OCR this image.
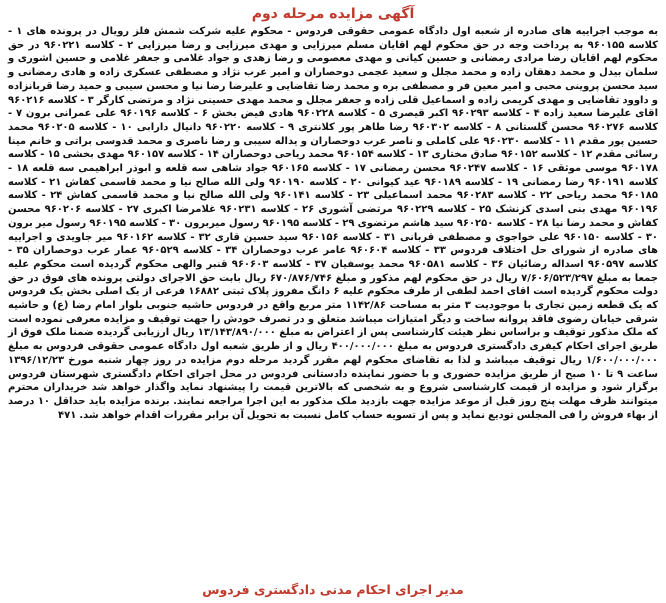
آگهی مزایده مرحله دوم

به موجب اجراییه های صادره از شعبه اول دادگاه عمومی حقوقی فردوس - محکوم علیه شرکت شمش فلز رویال در پرونده های ۱ - کلاسه ۹۶۰۱۵۵ به پرداخت وجه در حق محکوم لهم اقایان مسلم میرزایی و مهدی میرزایی و رضا میرزایی ۲ - کلاسه ۹۶۰۲۲۱ در حق محکوم لهم اقایان رضا مرادی رمضانی و حسین کیانی و مهدی معصومی و رضا زهدی و جواد غلامی و جعفر غلامی و حسین اشوری و سلمان بیدل و محمد دهقان زاده و محمد مجلل و سعید عجمی دوحصاران و امیر عرب نژاد و مصطفی عسکری زاده و هادی رمضانی و سید محسن پروینی محبی و امیر معین فر و مصطفی بره و محمد رضا تقاضایی و علیرضا رضا نیا و محسن سیبی و حمید رضا قربانزاده و داوود تقاضایی و مهدی کریمی زاده و اسماعیل قلی زاده و جعفر مجلل و محمد مهدی حسینی نژاد و مرتضی کارگر ۳ - کلاسه ۹۶۰۲۱۶ اقای علیرضا سعید زاده ۴ - کلاسه ۹۶۰۲۹۳ اکبر قیصری ۵ - کلاسه ۹۶۰۲۲۸ هادی فیض بخش ۶ - کلاسه ۹۶۰۱۹۶ علی عمرانی برون ۷ - کلاسه ۹۶۰۲۷۶ محسن گلستانی ۸ - کلاسه ۹۶۰۳۰۲ رضا طاهر پور کلانتری ۹ - کلاسه ۹۶۰۲۲۰ دانیال دارابی ۱۰ - کلاسه ۹۶۰۲۰۵ محمد حسین پور مقدم ۱۱ - کلاسه ۹۶۰۲۳۰ علی کاملی و ناصر عرب دوحصاران و یداله سیبی و رضا ناصری و محمد قدوسی براتی و خانم مینا رسائی مقدم ۱۲ - کلاسه ۹۶۰۱۵۲ صادق مختاری ۱۳ - کلاسه ۹۶۰۱۵۴ محمد ریاحی دوحصاران ۱۴ - کلاسه ۹۶۰۱۵۷ مهدی بخشی ۱۵ - کلاسه ۹۶۰۱۷۸ موسی موثقی ۱۶ - کلاسه ۹۶۰۲۴۷ محسن رمضانی ۱۷ - کلاسه ۹۶۰۱۶۵ جواد شاهی سه قلعه و ابوذر ابراهیمی سه قلعه ۱۸ - کلاسه ۹۶۰۱۹۱ رضا رمضانی ۱۹ - کلاسه ۹۶۰۱۸۹ عید کیوانی ۲۰ - کلاسه ۹۶۰۱۹۰ ولی الله صالح نیا و محمد قاسمی کفاش ۲۱ - کلاسه ۹۶۰۱۸۵ محمد ریاحی ۲۲ - کلاسه ۹۶۰۲۸۳ محمد اسماعیلی ۲۳ - کلاسه ۹۶۰۱۴۱ ولی الله صالح نیا و محمد قاسمی کفاش ۲۴ - کلاسه ۹۶۰۱۹۶ مهدی بنی اسدی کزنشک ۲۵ - کلاسه ۹۶۰۲۲۹ مرتضی آشوری ۲۶ - کلاسه ۹۶۰۲۳۱ غلامرضا اکبری ۲۷ - کلاسه ۹۶۰۲۰۶ محسن کفاش و محمد رضا نیا ۲۸ - کلاسه ۹۶۰۲۵۰ سید هاشم مرتضوی ۲۹ - کلاسه ۹۶۰۱۹۵ رسول میربرون ۳۰ - کلاسه ۹۶۰۱۹۵ رسول میر برون ۳۰ - کلاسه ۹۶۰۱۵۰ علی خواجوی و مصطفی قربانی ۳۱ - کلاسه ۹۶۰۱۵۶ سید حسین قاری ۳۲ - کلاسه ۹۶۰۱۶۲ میر جاویدی و اجراییه های صادره از شورای حل اختلاف فردوس ۳۳ - کلاسه ۹۶۰۶۰۴ عامر عرب دوحصاران ۳۴ - کلاسه ۹۶۰۵۲۹ عمار عرب دوحصاران ۳۵ - کلاسه ۹۶۰۵۹۷ اسداله رضائیان ۳۶ - کلاسه ۹۶۰۵۸۱ محمد یوسفیان ۳۷ - کلاسه ۹۶۰۶۰۳ قنبر والهی محکوم گردیده است محکوم علیه جمعا به مبلغ ۷/۶۰۶/۵۲۳/۲۹۷ ریال در حق محکوم لهم مذکور و مبلغ ۶۷۰/۸۷۶/۷۴۶ ریال بابت حق الاجرای دولتی پرونده های فوق در حق دولت محکوم گردیده است اقای احمد لطفی از طرف محکوم علیه ۶ دانگ مفروز پلاک ثبتی ۱۶۸۸۲ فرعی از یک اصلی بخش یک فردوس که یک قطعه زمین تجاری با موجودیت ۳ متر به مساحت ۱۱۴۲/۸۶ متر مربع واقع در فردوس حاشیه جنوبی بلوار امام رضا (ع) و حاشیه شرقی خیابان رضوی فاقد پروانه ساخت و دیگر امتیازات میباشد متعلق و در تصرف خودش را جهت توقیف و مزایده معرفی نموده است که ملک مذکور توقیف و براساس نظر هیئت کارشناسی پس از اعتراض به مبلغ ۱۳/۱۴۳/۸۹۰/۰۰۰ ریال ارزیابی گردیده ضمنا ملک فوق از طریق اجرای احکام کیفری دادگستری فردوس به مبلغ ۴۰۰/۰۰۰/۰۰۰ ریال و از طریق شعبه اول دادگاه عمومی حقوقی فردوس به مبلغ ۱/۶۰۰/۰۰۰/۰۰۰ ریال توقیف میباشد و لذا به تقاضای محکوم لهم مقرر گردید مرحله دوم مزایده در روز چهار شنبه مورخ ۱۳۹۶/۱۲/۲۳ ساعت ۹ تا ۱۰ صبح از طریق مزایده حضوری و با حضور نماینده دادستانی فردوس در محل اجرای احکام دادگستری شهرستان فردوس برگزار شود و مزایده از قیمت کارشناسی شروع و به شخصی که بالاترین قیمت را پیشنهاد نماید واگذار خواهد شد خریداران محترم میتوانند ظرف مهلت پنج روز قبل از موعد مزایده جهت بازدید ملک مذکور به این اجرا مراجعه نمایند. برنده مزایده باید حداقل ۱۰ درصد از بهاء فروش را فی المجلس تودیع نماید و پس از تسویه حساب کامل نسبت به تحویل آن برابر مقررات اقدام خواهد شد. ۴۷۱

مدیر اجرای احکام مدنی دادگستری فردوس
